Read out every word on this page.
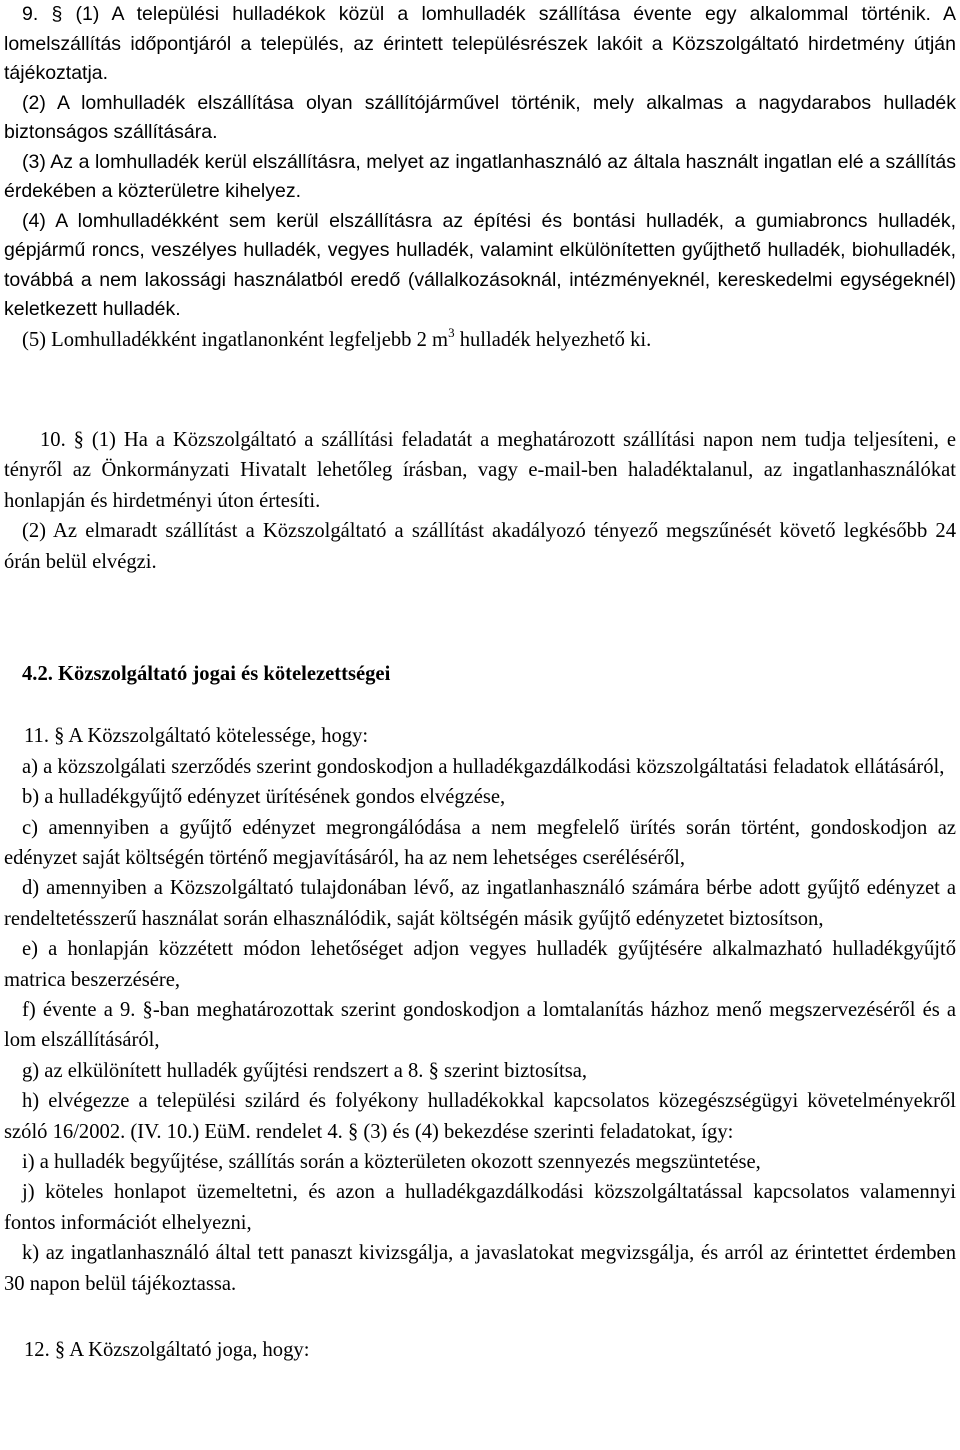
9. § (1) A települési hulladékok közül a lomhulladék szállítása évente egy alkalommal történik. A lomelszállítás időpontjáról a település, az érintett településrészek lakóit a Közszolgáltató hirdetmény útján tájékoztatja.

(2) A lomhulladék elszállítása olyan szállítójárművel történik, mely alkalmas a nagydarabos hulladék biztonságos szállítására.

(3) Az a lomhulladék kerül elszállításra, melyet az ingatlanhasználó az általa használt ingatlan elé a szállítás érdekében a közterületre kihelyez.

(4) A lomhulladékként sem kerül elszállításra az építési és bontási hulladék, a gumiabroncs hulladék, gépjármű roncs, veszélyes hulladék, vegyes hulladék, valamint elkülönítetten gyűjthető hulladék, biohulladék, továbbá a nem lakossági használatból eredő (vállalkozásoknál, intézményeknél, kereskedelmi egységeknél) keletkezett hulladék.

(5) Lomhulladékként ingatlanonként legfeljebb 2 $m^3$ hulladék helyezhető ki.

10. § (1) Ha a Közszolgáltató a szállítási feladatát a meghatározott szállítási napon nem tudja teljesíteni, e tényről az Önkormányzati Hivatalt lehetőleg írásban, vagy e-mail-ben haladéktalanul, az ingatlanhasználókat honlapján és hirdetményi úton értesíti.

(2) Az elmaradt szállítást a Közszolgáltató a szállítást akadályozó tényező megszűnését követő legkésőbb 24 órán belül elvégzi.

4.2. Közszolgáltató jogai és kötelezettségei

11. § A Közszolgáltató kötelessége, hogy:

a) a közszolgálati szerződés szerint gondoskodjon a hulladékgazdálkodási közszolgáltatási feladatok ellátásáról,

b) a hulladékgyűjtő edényzet ürítésének gondos elvégzése,

c) amennyiben a gyűjtő edényzet megrongálódása a nem megfelelő ürítés során történt, gondoskodjon az edényzet saját költségén történő megjavításáról, ha az nem lehetséges cseréléséről,

d) amennyiben a Közszolgáltató tulajdonában lévő, az ingatlanhasználó számára bérbe adott gyűjtő edényzet a rendeltetésszerű használat során elhasználódik, saját költségén másik gyűjtő edényzetet biztosítson,

e) a honlapján közzétett módon lehetőséget adjon vegyes hulladék gyűjtésére alkalmazható hulladékgyűjtő matrica beszerzésére,

f) évente a 9. §-ban meghatározottak szerint gondoskodjon a lomtalanítás házhoz menő megszervezéséről és a lom elszállításáról,

g) az elkülönített hulladék gyűjtési rendszert a 8. § szerint biztosítsa,

h) elvégezze a települési szilárd és folyékony hulladékokkal kapcsolatos közegészségügyi követelményekről szóló 16/2002. (IV. 10.) EüM. rendelet 4. § (3) és (4) bekezdése szerinti feladatokat, így:

i) a hulladék begyűjtése, szállítás során a közterületen okozott szennyezés megszüntetése,

j) köteles honlapot üzemeltetni, és azon a hulladékgazdálkodási közszolgáltatással kapcsolatos valamennyi fontos információt elhelyezni,

k) az ingatlanhasználó által tett panaszt kivizsgálja, a javaslatokat megvizsgálja, és arról az érintettet érdemben 30 napon belül tájékoztassa.

12. § A Közszolgáltató joga, hogy:
